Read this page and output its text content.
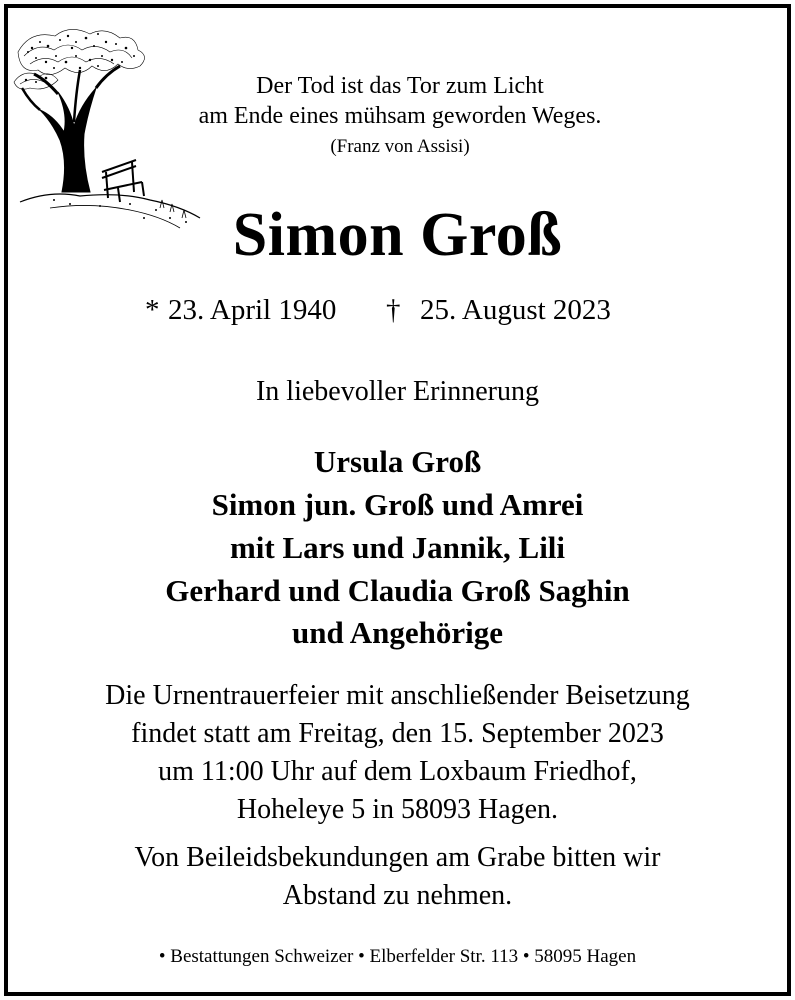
Der Tod ist das Tor zum Licht
am Ende eines mühsam geworden Weges.
(Franz von Assisi)
Simon Groß
* 23. April 1940 † 25. August 2023
In liebevoller Erinnerung
Ursula Groß
Simon jun. Groß und Amrei
mit Lars und Jannik, Lili
Gerhard und Claudia Groß Saghin
und Angehörige
Die Urnentrauerfeier mit anschließender Beisetzung
findet statt am Freitag, den 15. September 2023
um 11:00 Uhr auf dem Loxbaum Friedhof,
Hoheleye 5 in 58093 Hagen.
Von Beileidsbekundungen am Grabe bitten wir
Abstand zu nehmen.
• Bestattungen Schweizer • Elberfelder Str. 113 • 58095 Hagen
